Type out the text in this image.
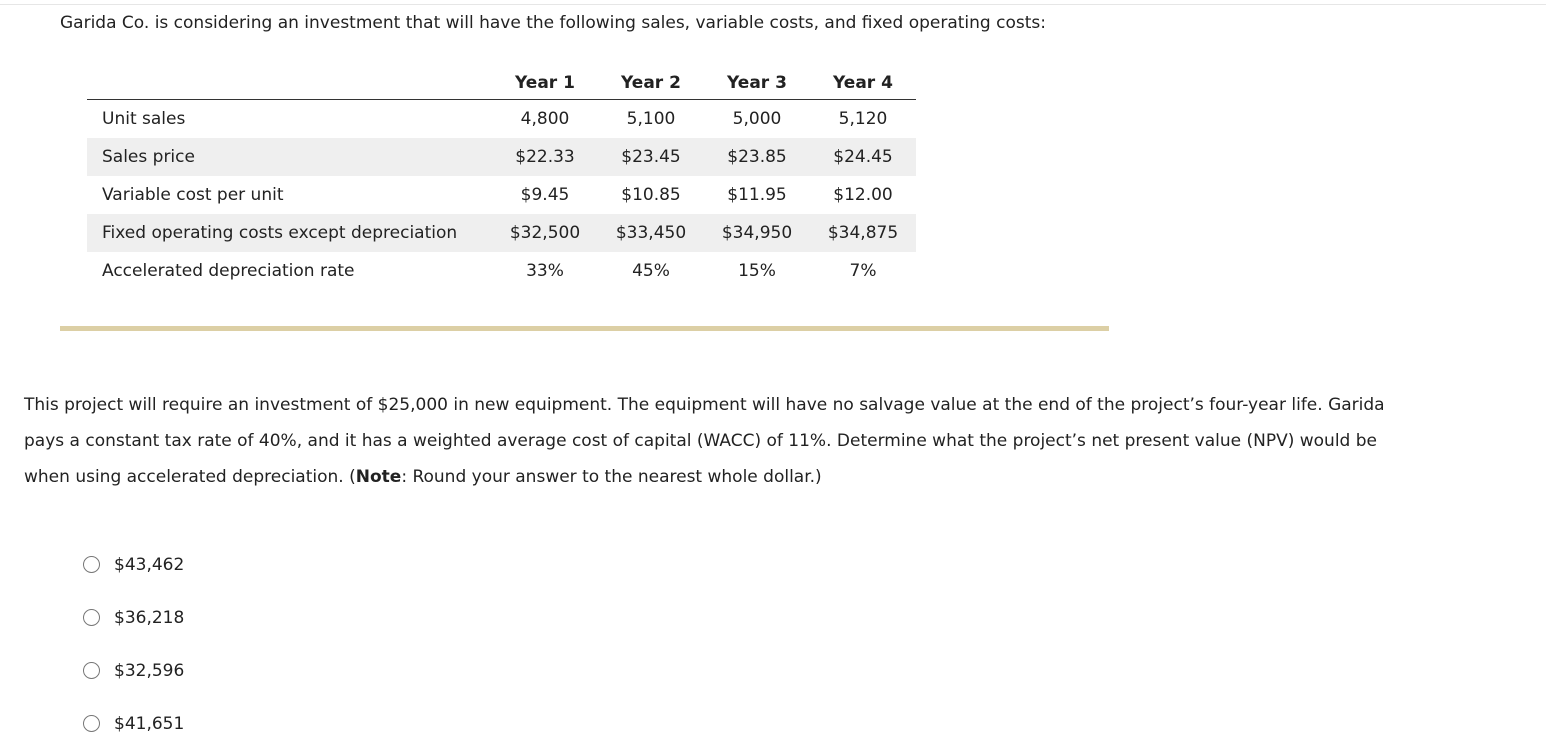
Garida Co. is considering an investment that will have the following sales, variable costs, and fixed operating costs:
	Year 1	Year 2	Year 3	Year 4
Unit sales	4,800	5,100	5,000	5,120
Sales price	$22.33	$23.45	$23.85	$24.45
Variable cost per unit	$9.45	$10.85	$11.95	$12.00
Fixed operating costs except depreciation	$32,500	$33,450	$34,950	$34,875
Accelerated depreciation rate	33%	45%	15%	7%
This project will require an investment of $25,000 in new equipment. The equipment will have no salvage value at the end of the project’s four-year life. Garida pays a constant tax rate of 40%, and it has a weighted average cost of capital (WACC) of 11%. Determine what the project’s net present value (NPV) would be when using accelerated depreciation. (Note: Round your answer to the nearest whole dollar.)
$43,462
$36,218
$32,596
$41,651
